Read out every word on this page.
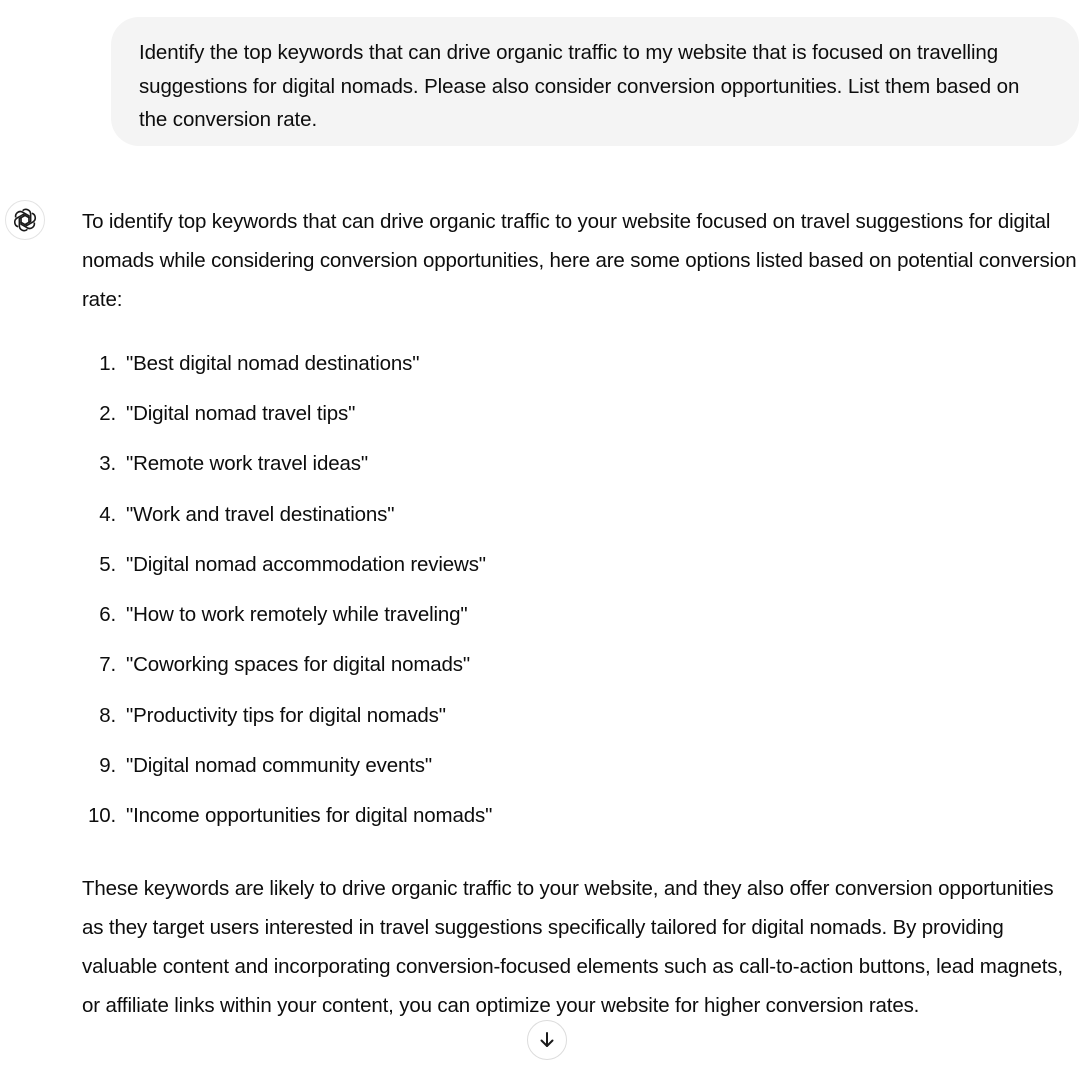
Identify the top keywords that can drive organic traffic to my website that is focused on travelling suggestions for digital nomads. Please also consider conversion opportunities. List them based on the conversion rate.

To identify top keywords that can drive organic traffic to your website focused on travel suggestions for digital nomads while considering conversion opportunities, here are some options listed based on potential conversion rate:

1. "Best digital nomad destinations"
2. "Digital nomad travel tips"
3. "Remote work travel ideas"
4. "Work and travel destinations"
5. "Digital nomad accommodation reviews"
6. "How to work remotely while traveling"
7. "Coworking spaces for digital nomads"
8. "Productivity tips for digital nomads"
9. "Digital nomad community events"
10. "Income opportunities for digital nomads"

These keywords are likely to drive organic traffic to your website, and they also offer conversion opportunities as they target users interested in travel suggestions specifically tailored for digital nomads. By providing valuable content and incorporating conversion-focused elements such as call-to-action buttons, lead magnets, or affiliate links within your content, you can optimize your website for higher conversion rates.
